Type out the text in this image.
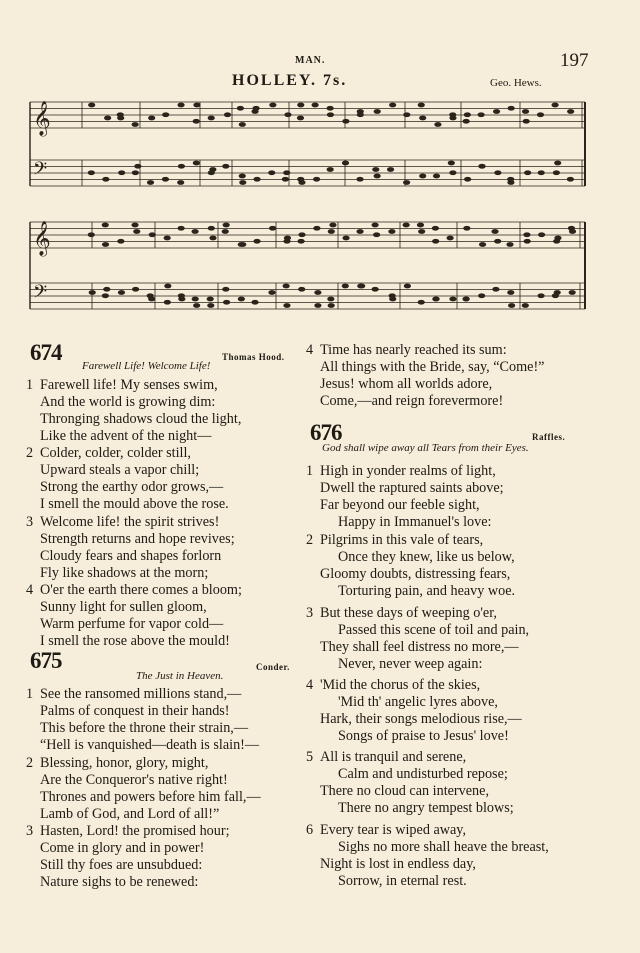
MAN.	197
HOLLEY. 7s.	Geo. Hews.
𝄞
𝄢
𝄞
𝄢
674	Thomas Hood.
Farewell Life! Welcome Life!
675	Conder.
The Just in Heaven.
676	Raffles.
God shall wipe away all Tears from their Eyes.
1 Farewell life! My senses swim,
And the world is growing dim:
Thronging shadows cloud the light,
Like the advent of the night—
2 Colder, colder, colder still,
Upward steals a vapor chill;
Strong the earthy odor grows,—
I smell the mould above the rose.
3 Welcome life! the spirit strives!
Strength returns and hope revives;
Cloudy fears and shapes forlorn
Fly like shadows at the morn;
4 O'er the earth there comes a bloom;
Sunny light for sullen gloom,
Warm perfume for vapor cold—
I smell the rose above the mould!
1 See the ransomed millions stand,—
Palms of conquest in their hands!
This before the throne their strain,—
“Hell is vanquished—death is slain!—
2 Blessing, honor, glory, might,
Are the Conqueror's native right!
Thrones and powers before him fall,—
Lamb of God, and Lord of all!”
3 Hasten, Lord! the promised hour;
Come in glory and in power!
Still thy foes are unsubdued:
Nature sighs to be renewed:
4 Time has nearly reached its sum:
All things with the Bride, say, “Come!”
Jesus! whom all worlds adore,
Come,—and reign forevermore!
1 High in yonder realms of light,
Dwell the raptured saints above;
Far beyond our feeble sight,
Happy in Immanuel's love:
2 Pilgrims in this vale of tears,
Once they knew, like us below,
Gloomy doubts, distressing fears,
Torturing pain, and heavy woe.
3 But these days of weeping o'er,
Passed this scene of toil and pain,
They shall feel distress no more,—
Never, never weep again:
4 'Mid the chorus of the skies,
'Mid th' angelic lyres above,
Hark, their songs melodious rise,—
Songs of praise to Jesus' love!
5 All is tranquil and serene,
Calm and undisturbed repose;
There no cloud can intervene,
There no angry tempest blows;
6 Every tear is wiped away,
Sighs no more shall heave the breast,
Night is lost in endless day,
Sorrow, in eternal rest.
